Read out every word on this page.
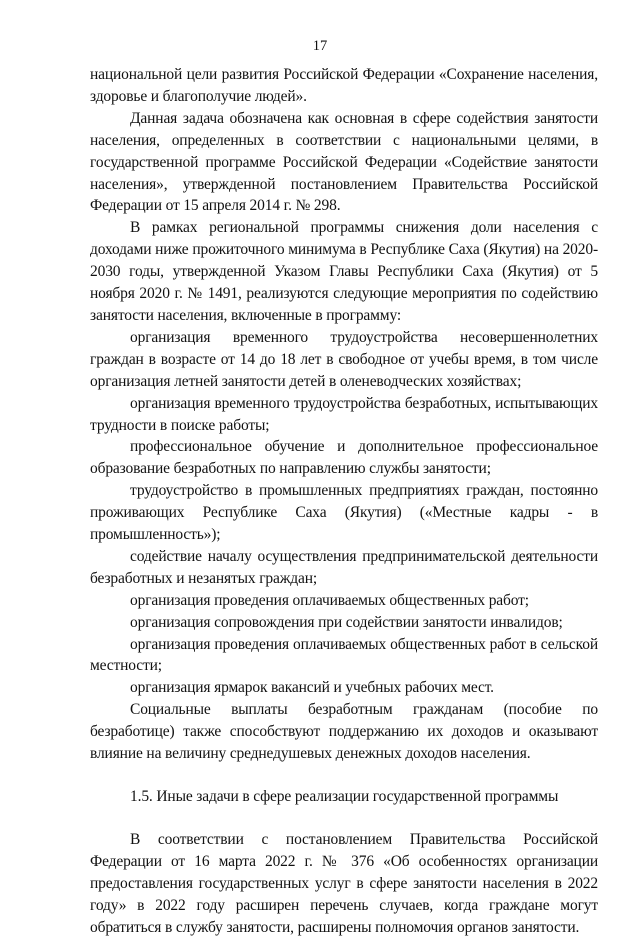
17

национальной цели развития Российской Федерации «Сохранение населения, здоровье и благополучие людей».

Данная задача обозначена как основная в сфере содействия занятости населения, определенных в соответствии с национальными целями, в государственной программе Российской Федерации «Содействие занятости населения», утвержденной постановлением Правительства Российской Федерации от 15 апреля 2014 г. № 298.

В рамках региональной программы снижения доли населения с доходами ниже прожиточного минимума в Республике Саха (Якутия) на 2020-2030 годы, утвержденной Указом Главы Республики Саха (Якутия) от 5 ноября 2020 г. № 1491, реализуются следующие мероприятия по содействию занятости населения, включенные в программу:

организация временного трудоустройства несовершеннолетних граждан в возрасте от 14 до 18 лет в свободное от учебы время, в том числе организация летней занятости детей в оленеводческих хозяйствах;

организация временного трудоустройства безработных, испытывающих трудности в поиске работы;

профессиональное обучение и дополнительное профессиональное образование безработных по направлению службы занятости;

трудоустройство в промышленных предприятиях граждан, постоянно проживающих Республике Саха (Якутия) («Местные кадры - в промышленность»);

содействие началу осуществления предпринимательской деятельности безработных и незанятых граждан;

организация проведения оплачиваемых общественных работ;

организация сопровождения при содействии занятости инвалидов;

организация проведения оплачиваемых общественных работ в сельской местности;

организация ярмарок вакансий и учебных рабочих мест.

Социальные выплаты безработным гражданам (пособие по безработице) также способствуют поддержанию их доходов и оказывают влияние на величину среднедушевых денежных доходов населения.

1.5. Иные задачи в сфере реализации государственной программы

В соответствии с постановлением Правительства Российской Федерации от 16 марта 2022 г. № 376 «Об особенностях организации предоставления государственных услуг в сфере занятости населения в 2022 году» в 2022 году расширен перечень случаев, когда граждане могут обратиться в службу занятости, расширены полномочия органов занятости.
